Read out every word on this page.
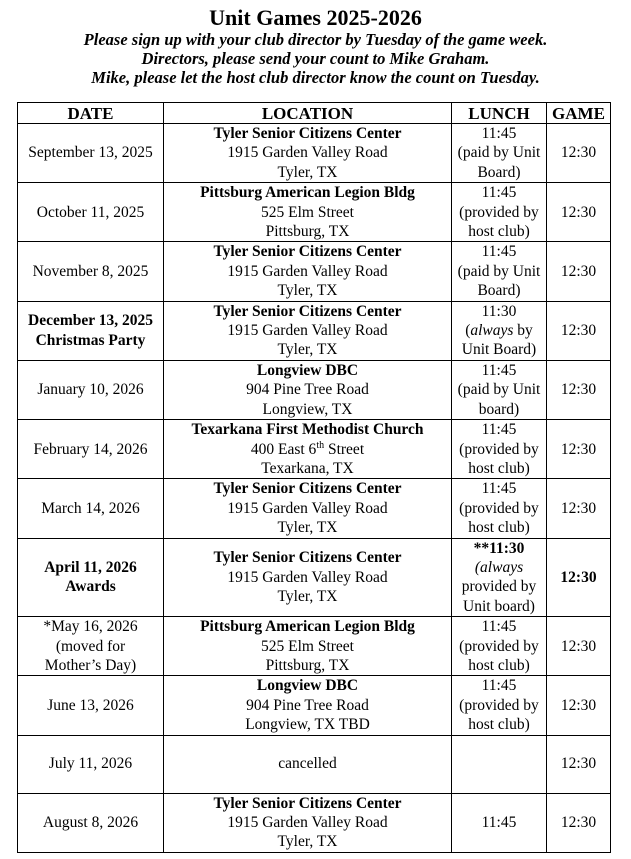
Unit Games 2025-2026
Please sign up with your club director by Tuesday of the game week.
Directors, please send your count to Mike Graham.
Mike, please let the host club director know the count on Tuesday.
DATE	LOCATION	LUNCH	GAME

September 13, 2025	Tyler Senior Citizens Center
1915 Garden Valley Road
Tyler, TX	11:45
(paid by Unit
Board)	12:30

October 11, 2025	Pittsburg American Legion Bldg
525 Elm Street
Pittsburg, TX	11:45
(provided by
host club)	12:30

November 8, 2025	Tyler Senior Citizens Center
1915 Garden Valley Road
Tyler, TX	11:45
(paid by Unit
Board)	12:30

December 13, 2025
Christmas Party	Tyler Senior Citizens Center
1915 Garden Valley Road
Tyler, TX	11:30
(always by
Unit Board)	12:30

January 10, 2026	Longview DBC
904 Pine Tree Road
Longview, TX	11:45
(paid by Unit
board)	12:30

February 14, 2026	Texarkana First Methodist Church
400 East 6th Street
Texarkana, TX	11:45
(provided by
host club)	12:30

March 14, 2026	Tyler Senior Citizens Center
1915 Garden Valley Road
Tyler, TX	11:45
(provided by
host club)	12:30

April 11, 2026
Awards	Tyler Senior Citizens Center
1915 Garden Valley Road
Tyler, TX	**11:30
(always
provided by
Unit board)	12:30

*May 16, 2026
(moved for
Mother’s Day)	Pittsburg American Legion Bldg
525 Elm Street
Pittsburg, TX	11:45
(provided by
host club)	12:30

June 13, 2026	Longview DBC
904 Pine Tree Road
Longview, TX TBD	11:45
(provided by
host club)	12:30

July 11, 2026	cancelled		12:30

August 8, 2026	Tyler Senior Citizens Center
1915 Garden Valley Road
Tyler, TX	11:45	12:30
